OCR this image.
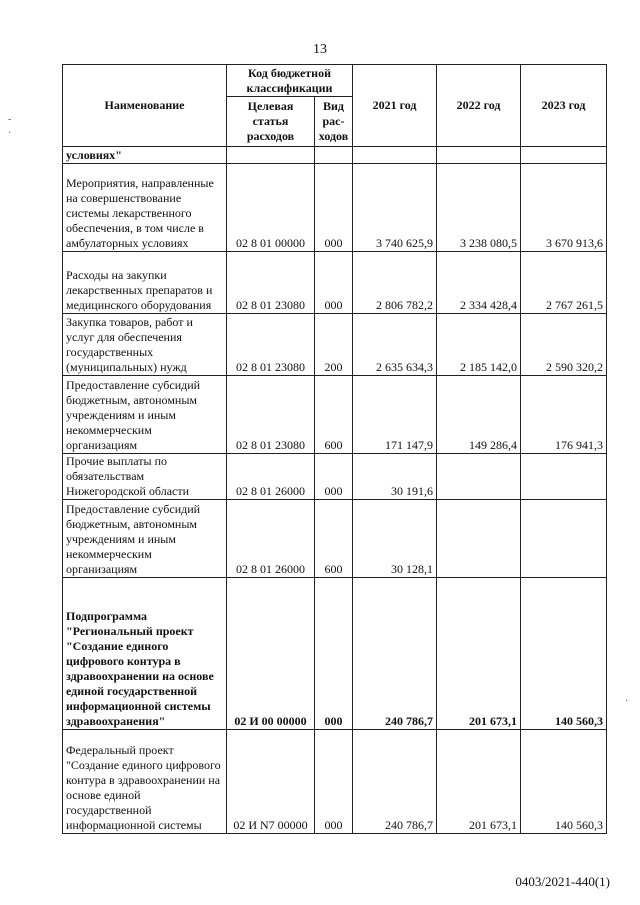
13
-
·
·
Наименование	Код бюджетной классификации		2021 год	2022 год	2023 год
	Целевая статья расходов	Вид рас-ходов			
условиях"					
Мероприятия, направленные на совершенствование системы лекарственного обеспечения, в том числе в амбулаторных условиях	02 8 01 00000	000	3 740 625,9	3 238 080,5	3 670 913,6
Расходы на закупки лекарственных препаратов и медицинского оборудования	02 8 01 23080	000	2 806 782,2	2 334 428,4	2 767 261,5
Закупка товаров, работ и услуг для обеспечения государственных (муниципальных) нужд	02 8 01 23080	200	2 635 634,3	2 185 142,0	2 590 320,2
Предоставление субсидий бюджетным, автономным учреждениям и иным некоммерческим организациям	02 8 01 23080	600	171 147,9	149 286,4	176 941,3
Прочие выплаты по обязательствам Нижегородской области	02 8 01 26000	000	30 191,6		
Предоставление субсидий бюджетным, автономным учреждениям и иным некоммерческим организациям	02 8 01 26000	600	30 128,1		
Подпрограмма "Региональный проект "Создание единого цифрового контура в здравоохранении на основе единой государственной информационной системы здравоохранения"	02 И 00 00000	000	240 786,7	201 673,1	140 560,3
Федеральный проект "Создание единого цифрового контура в здравоохранении на основе единой государственной информационной системы	02 И N7 00000	000	240 786,7	201 673,1	140 560,3
0403/2021-440(1)
